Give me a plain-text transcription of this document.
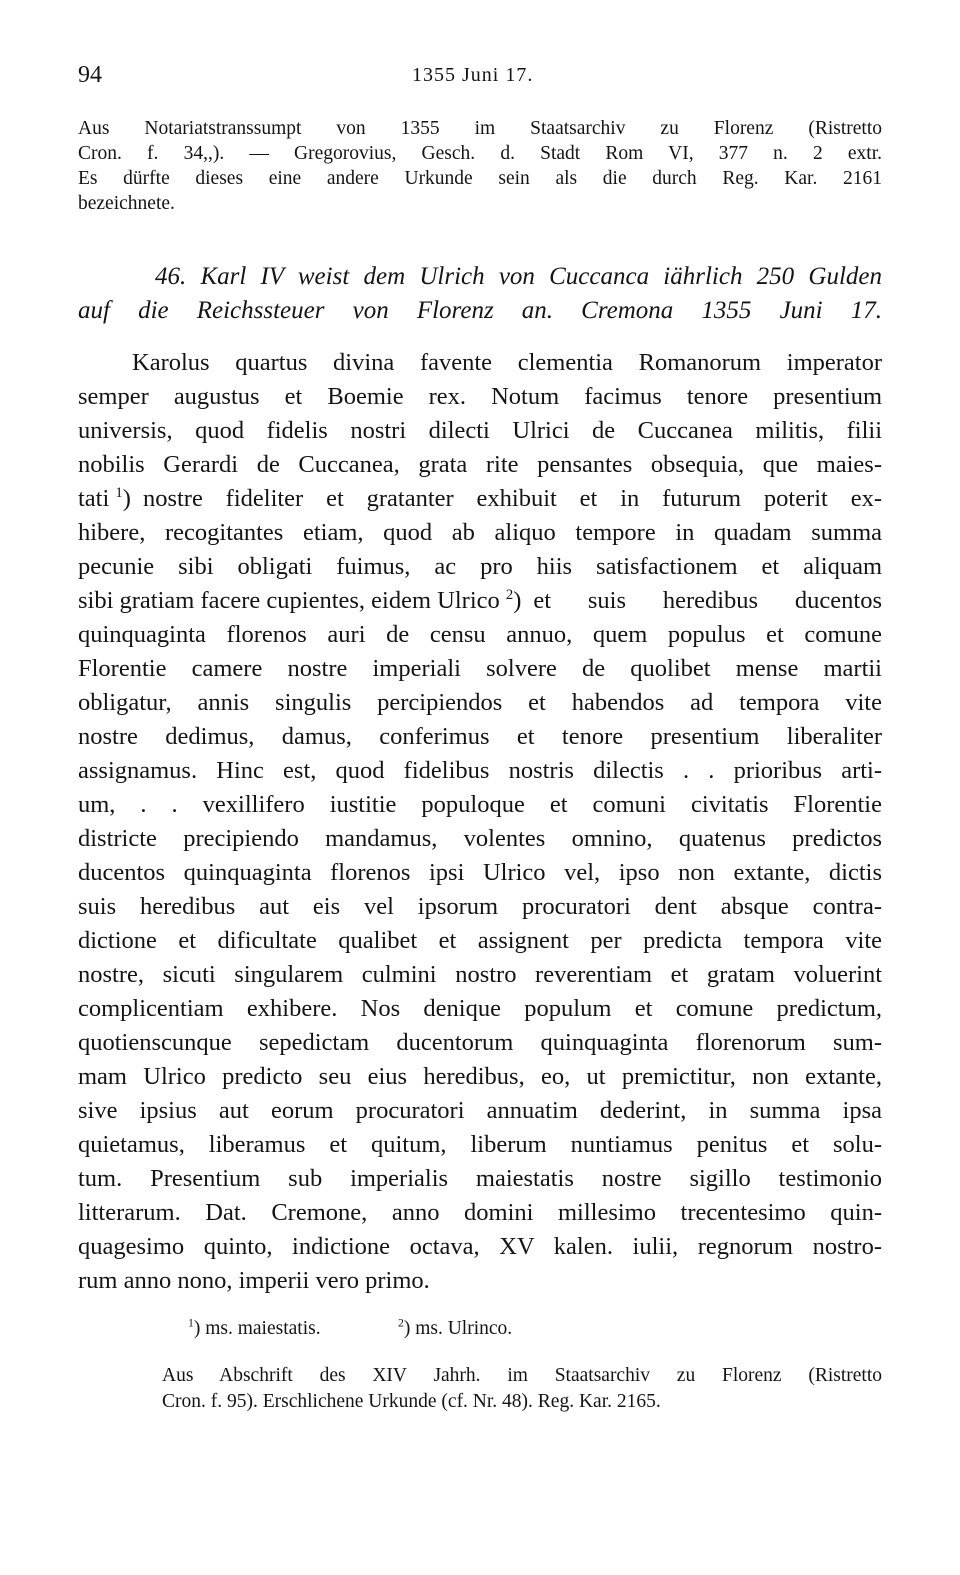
94	1355 Juni 17.

Aus Notariatstranssumpt von 1355 im Staatsarchiv zu Florenz (Ristretto

Cron. f. 34,,). — Gregorovius, Gesch. d. Stadt Rom VI, 377 n. 2 extr.

Es dürfte dieses eine andere Urkunde sein als die durch Reg. Kar. 2161

bezeichnete.

46. Karl IV weist dem Ulrich von Cuccanca iährlich 250 Gulden

auf die Reichssteuer von Florenz an. Cremona 1355 Juni 17.

Karolus quartus divina favente clementia Romanorum imperator

semper augustus et Boemie rex. Notum facimus tenore presentium

universis, quod fidelis nostri dilecti Ulrici de Cuccanea militis, filii

nobilis Gerardi de Cuccanea, grata rite pensantes obsequia, que maies-

tati $^1$) nostre fideliter et gratanter exhibuit et in futurum poterit ex-

hibere, recogitantes etiam, quod ab aliquo tempore in quadam summa

pecunie sibi obligati fuimus, ac pro hiis satisfactionem et aliquam

sibi gratiam facere cupientes, eidem Ulrico $^2$) et suis heredibus ducentos

quinquaginta florenos auri de censu annuo, quem populus et comune

Florentie camere nostre imperiali solvere de quolibet mense martii

obligatur, annis singulis percipiendos et habendos ad tempora vite

nostre dedimus, damus, conferimus et tenore presentium liberaliter

assignamus. Hinc est, quod fidelibus nostris dilectis . . prioribus arti-

um, . . vexillifero iustitie populoque et comuni civitatis Florentie

districte precipiendo mandamus, volentes omnino, quatenus predictos

ducentos quinquaginta florenos ipsi Ulrico vel, ipso non extante, dictis

suis heredibus aut eis vel ipsorum procuratori dent absque contra-

dictione et dificultate qualibet et assignent per predicta tempora vite

nostre, sicuti singularem culmini nostro reverentiam et gratam voluerint

complicentiam exhibere. Nos denique populum et comune predictum,

quotienscunque sepedictam ducentorum quinquaginta florenorum sum-

mam Ulrico predicto seu eius heredibus, eo, ut premictitur, non extante,

sive ipsius aut eorum procuratori annuatim dederint, in summa ipsa

quietamus, liberamus et quitum, liberum nuntiamus penitus et solu-

tum. Presentium sub imperialis maiestatis nostre sigillo testimonio

litterarum. Dat. Cremone, anno domini millesimo trecentesimo quin-

quagesimo quinto, indictione octava, XV kalen. iulii, regnorum nostro-

rum anno nono, imperii vero primo.

$^1$) ms. maiestatis.	$^2$) ms. Ulrinco.

Aus Abschrift des XIV Jahrh. im Staatsarchiv zu Florenz (Ristretto

Cron. f. 95). Erschlichene Urkunde (cf. Nr. 48). Reg. Kar. 2165.
